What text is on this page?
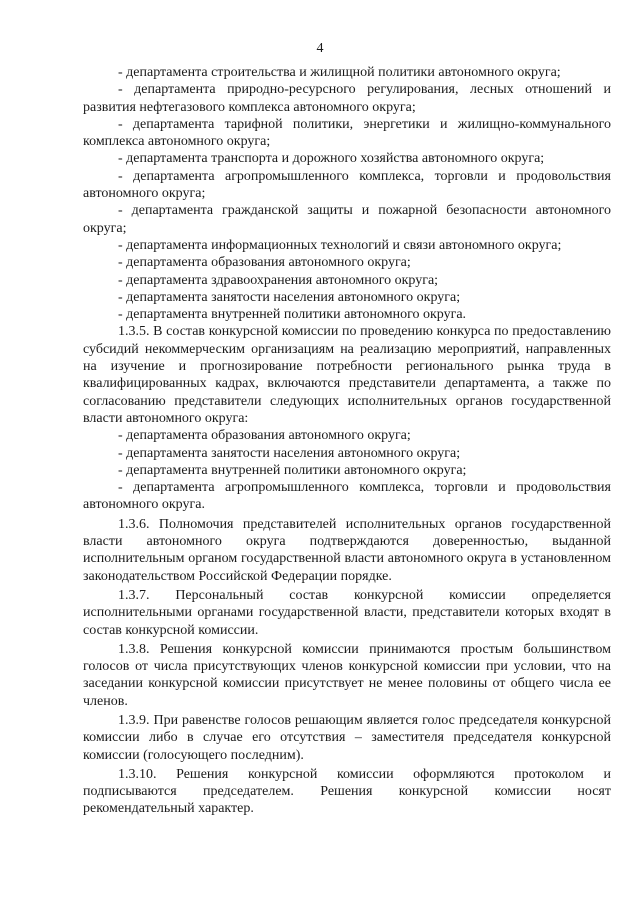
4

- департамента строительства и жилищной политики автономного округа;

- департамента природно-ресурсного регулирования, лесных отношений и развития нефтегазового комплекса автономного округа;

- департамента тарифной политики, энергетики и жилищно-коммунального комплекса автономного округа;

- департамента транспорта и дорожного хозяйства автономного округа;

- департамента агропромышленного комплекса, торговли и продовольствия автономного округа;

- департамента гражданской защиты и пожарной безопасности автономного округа;

- департамента информационных технологий и связи автономного округа;

- департамента образования автономного округа;

- департамента здравоохранения автономного округа;

- департамента занятости населения автономного округа;

- департамента внутренней политики автономного округа.

1.3.5. В состав конкурсной комиссии по проведению конкурса по предоставлению субсидий некоммерческим организациям на реализацию мероприятий, направленных на изучение и прогнозирование потребности регионального рынка труда в квалифицированных кадрах, включаются представители департамента, а также по согласованию представители следующих исполнительных органов государственной власти автономного округа:

- департамента образования автономного округа;

- департамента занятости населения автономного округа;

- департамента внутренней политики автономного округа;

- департамента агропромышленного комплекса, торговли и продовольствия автономного округа.

1.3.6. Полномочия представителей исполнительных органов государственной власти автономного округа подтверждаются доверенностью, выданной исполнительным органом государственной власти автономного округа в установленном законодательством Российской Федерации порядке.

1.3.7. Персональный состав конкурсной комиссии определяется исполнительными органами государственной власти, представители которых входят в состав конкурсной комиссии.

1.3.8. Решения конкурсной комиссии принимаются простым большинством голосов от числа присутствующих членов конкурсной комиссии при условии, что на заседании конкурсной комиссии присутствует не менее половины от общего числа ее членов.

1.3.9. При равенстве голосов решающим является голос председателя конкурсной комиссии либо в случае его отсутствия – заместителя председателя конкурсной комиссии (голосующего последним).

1.3.10. Решения конкурсной комиссии оформляются протоколом и подписываются председателем. Решения конкурсной комиссии носят рекомендательный характер.
